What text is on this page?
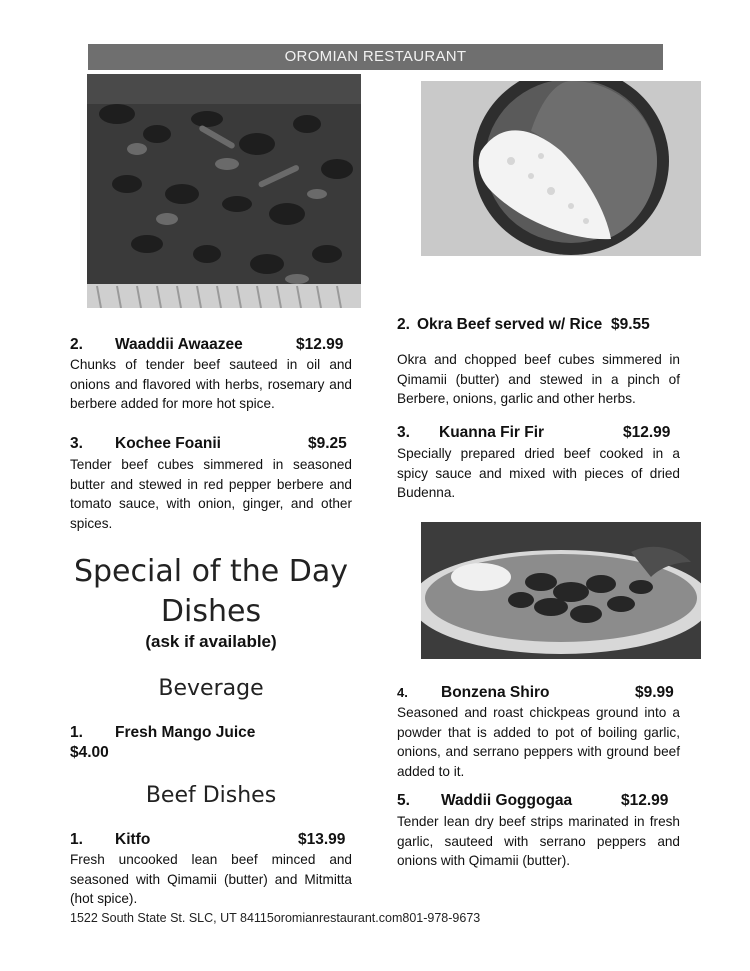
OROMIAN RESTAURANT
2. Waaddii Awaazee	$12.99
Chunks of tender beef sauteed in oil and onions and flavored with herbs, rosemary and berbere added for more hot spice.
3. Kochee Foanii	$9.25
Tender beef cubes simmered in seasoned butter and stewed in red pepper berbere and tomato sauce, with onion, ginger, and other spices.
Special of the Day
Dishes
(ask if available)
Beverage
1. Fresh Mango Juice
$4.00
Beef Dishes
1. Kitfo	$13.99
Fresh uncooked lean beef minced and seasoned with Qimamii (butter) and Mitmitta (hot spice).
2. Okra Beef served w/ Rice $9.55
Okra and chopped beef cubes simmered in Qimamii (butter) and stewed in a pinch of Berbere, onions, garlic and other herbs.
3. Kuanna Fir Fir	$12.99
Specially prepared dried beef cooked in a spicy sauce and mixed with pieces of dried Budenna.
4. Bonzena Shiro	$9.99
Seasoned and roast chickpeas ground into a powder that is added to pot of boiling garlic, onions, and serrano peppers with ground beef added to it.
5. Waddii Goggogaa	$12.99
Tender lean dry beef strips marinated in fresh garlic, sauteed with serrano peppers and onions with Qimamii (butter).
1522 South State St. SLC, UT 84115oromianrestaurant.com801-978-9673
